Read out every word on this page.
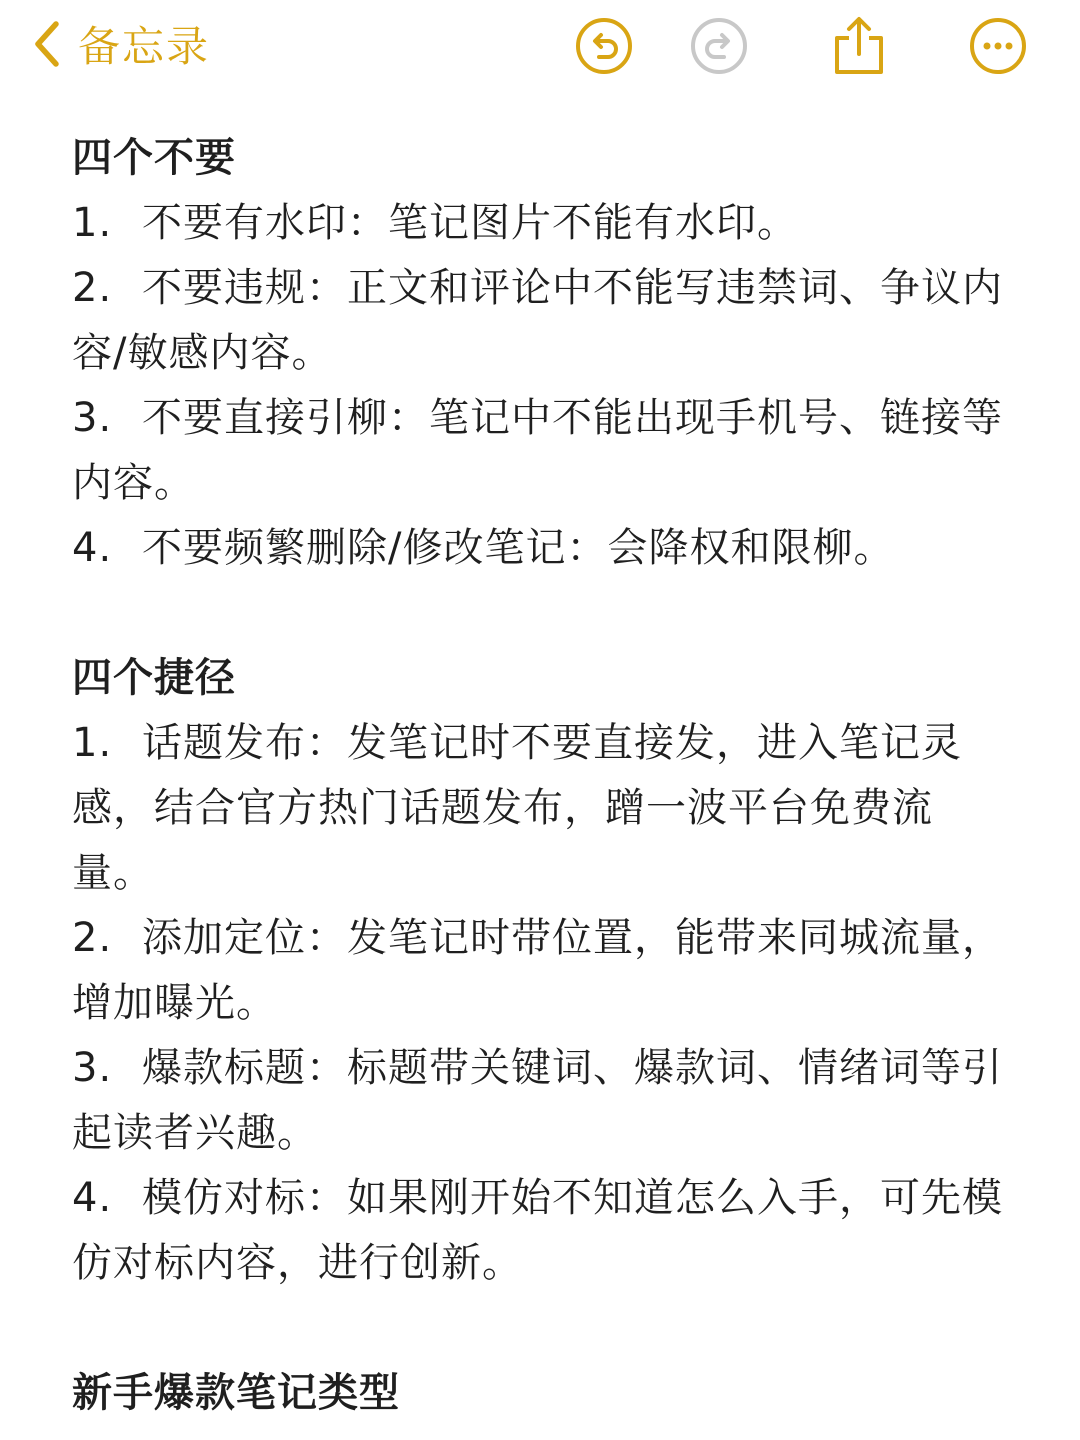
备忘录

四个不要

1. 不要有水印：笔记图片不能有水印。

2. 不要违规：正文和评论中不能写违禁词、争议内容/敏感内容。

3. 不要直接引柳：笔记中不能出现手机号、链接等内容。

4. 不要频繁删除/修改笔记：会降权和限柳。

四个捷径

1. 话题发布：发笔记时不要直接发，进入笔记灵感，结合官方热门话题发布，蹭一波平台免费流量。

2. 添加定位：发笔记时带位置，能带来同城流量，增加曝光。

3. 爆款标题：标题带关键词、爆款词、情绪词等引起读者兴趣。

4. 模仿对标：如果刚开始不知道怎么入手，可先模仿对标内容，进行创新。

新手爆款笔记类型
